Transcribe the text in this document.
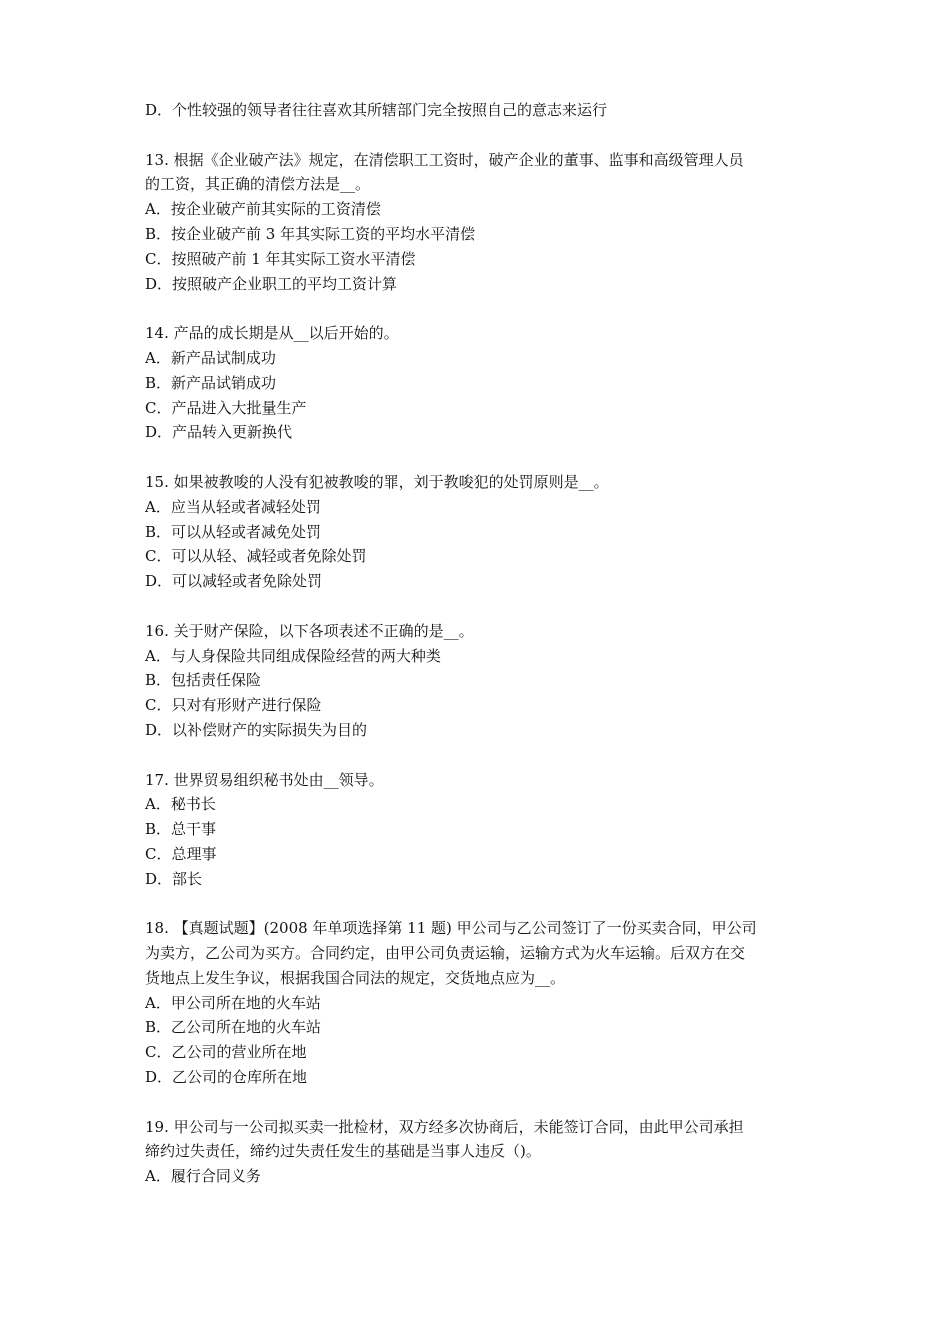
D．个性较强的领导者往往喜欢其所辖部门完全按照自己的意志来运行
13. 根据《企业破产法》规定，在清偿职工工资时，破产企业的董事、监事和高级管理人员
的工资，其正确的清偿方法是__。
A．按企业破产前其实际的工资清偿
B．按企业破产前 3 年其实际工资的平均水平清偿
C．按照破产前 1 年其实际工资水平清偿
D．按照破产企业职工的平均工资计算
14. 产品的成长期是从__以后开始的。
A．新产品试制成功
B．新产品试销成功
C．产品进入大批量生产
D．产品转入更新换代
15. 如果被教唆的人没有犯被教唆的罪，刘于教唆犯的处罚原则是__。
A．应当从轻或者减轻处罚
B．可以从轻或者减免处罚
C．可以从轻、减轻或者免除处罚
D．可以减轻或者免除处罚
16. 关于财产保险，以下各项表述不正确的是__。
A．与人身保险共同组成保险经营的两大种类
B．包括责任保险
C．只对有形财产进行保险
D．以补偿财产的实际损失为目的
17. 世界贸易组织秘书处由__领导。
A．秘书长
B．总干事
C．总理事
D．部长
18. 【真题试题】(2008 年单项选择第 11 题) 甲公司与乙公司签订了一份买卖合同，甲公司
为卖方，乙公司为买方。合同约定，由甲公司负责运输，运输方式为火车运输。后双方在交
货地点上发生争议，根据我国合同法的规定，交货地点应为__。
A．甲公司所在地的火车站
B．乙公司所在地的火车站
C．乙公司的营业所在地
D．乙公司的仓库所在地
19. 甲公司与一公司拟买卖一批检材，双方经多次协商后，未能签订合同，由此甲公司承担
缔约过失责任，缔约过失责任发生的基础是当事人违反（)。
A．履行合同义务
